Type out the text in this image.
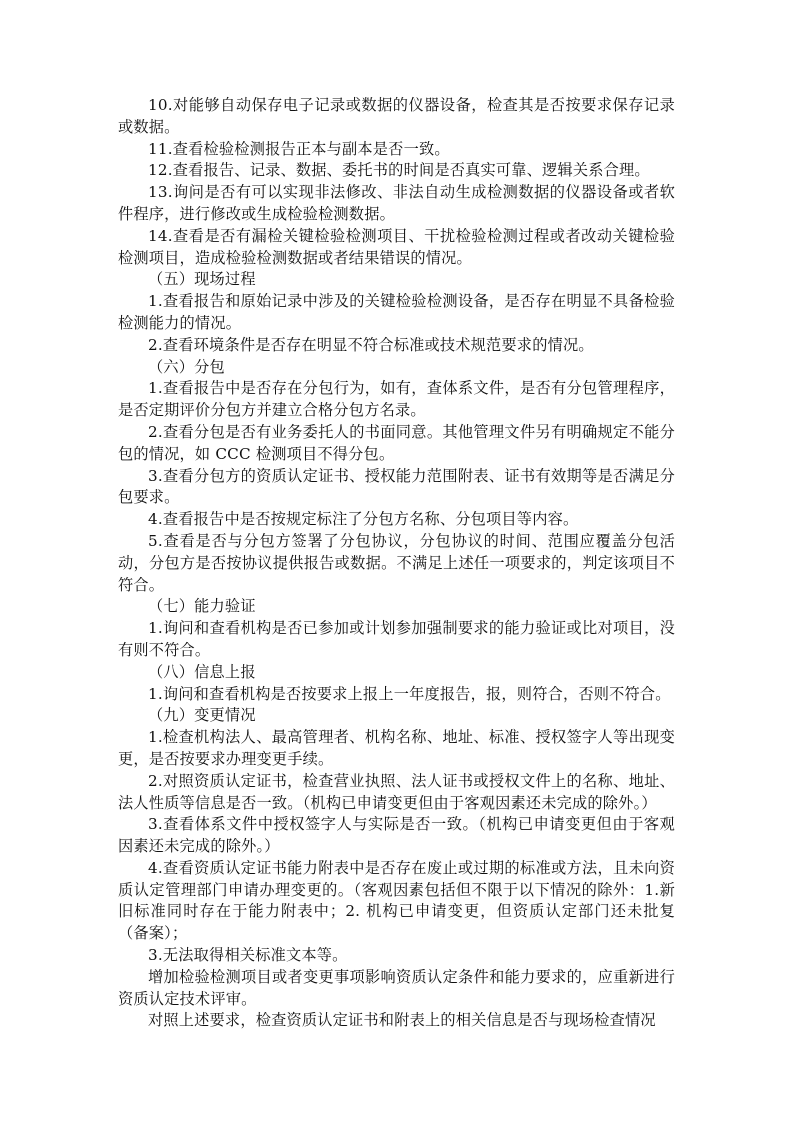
10.对能够自动保存电子记录或数据的仪器设备，检查其是否按要求保存记录或数据。

11.查看检验检测报告正本与副本是否一致。

12.查看报告、记录、数据、委托书的时间是否真实可靠、逻辑关系合理。

13.询问是否有可以实现非法修改、非法自动生成检测数据的仪器设备或者软件程序，进行修改或生成检验检测数据。

14.查看是否有漏检关键检验检测项目、干扰检验检测过程或者改动关键检验检测项目，造成检验检测数据或者结果错误的情况。

（五）现场过程

1.查看报告和原始记录中涉及的关键检验检测设备，是否存在明显不具备检验检测能力的情况。

2.查看环境条件是否存在明显不符合标准或技术规范要求的情况。

（六）分包

1.查看报告中是否存在分包行为，如有，查体系文件，是否有分包管理程序，是否定期评价分包方并建立合格分包方名录。

2.查看分包是否有业务委托人的书面同意。其他管理文件另有明确规定不能分包的情况，如 CCC 检测项目不得分包。

3.查看分包方的资质认定证书、授权能力范围附表、证书有效期等是否满足分包要求。

4.查看报告中是否按规定标注了分包方名称、分包项目等内容。

5.查看是否与分包方签署了分包协议，分包协议的时间、范围应覆盖分包活动，分包方是否按协议提供报告或数据。不满足上述任一项要求的，判定该项目不符合。

（七）能力验证

1.询问和查看机构是否已参加或计划参加强制要求的能力验证或比对项目，没有则不符合。

（八）信息上报

1.询问和查看机构是否按要求上报上一年度报告，报，则符合，否则不符合。

（九）变更情况

1.检查机构法人、最高管理者、机构名称、地址、标准、授权签字人等出现变更，是否按要求办理变更手续。

2.对照资质认定证书，检查营业执照、法人证书或授权文件上的名称、地址、法人性质等信息是否一致。（机构已申请变更但由于客观因素还未完成的除外。）

3.查看体系文件中授权签字人与实际是否一致。（机构已申请变更但由于客观因素还未完成的除外。）

4.查看资质认定证书能力附表中是否存在废止或过期的标准或方法，且未向资质认定管理部门申请办理变更的。（客观因素包括但不限于以下情况的除外：1.新旧标准同时存在于能力附表中；2. 机构已申请变更，但资质认定部门还未批复（备案）；

3.无法取得相关标准文本等。

增加检验检测项目或者变更事项影响资质认定条件和能力要求的，应重新进行资质认定技术评审。

对照上述要求，检查资质认定证书和附表上的相关信息是否与现场检查情况
